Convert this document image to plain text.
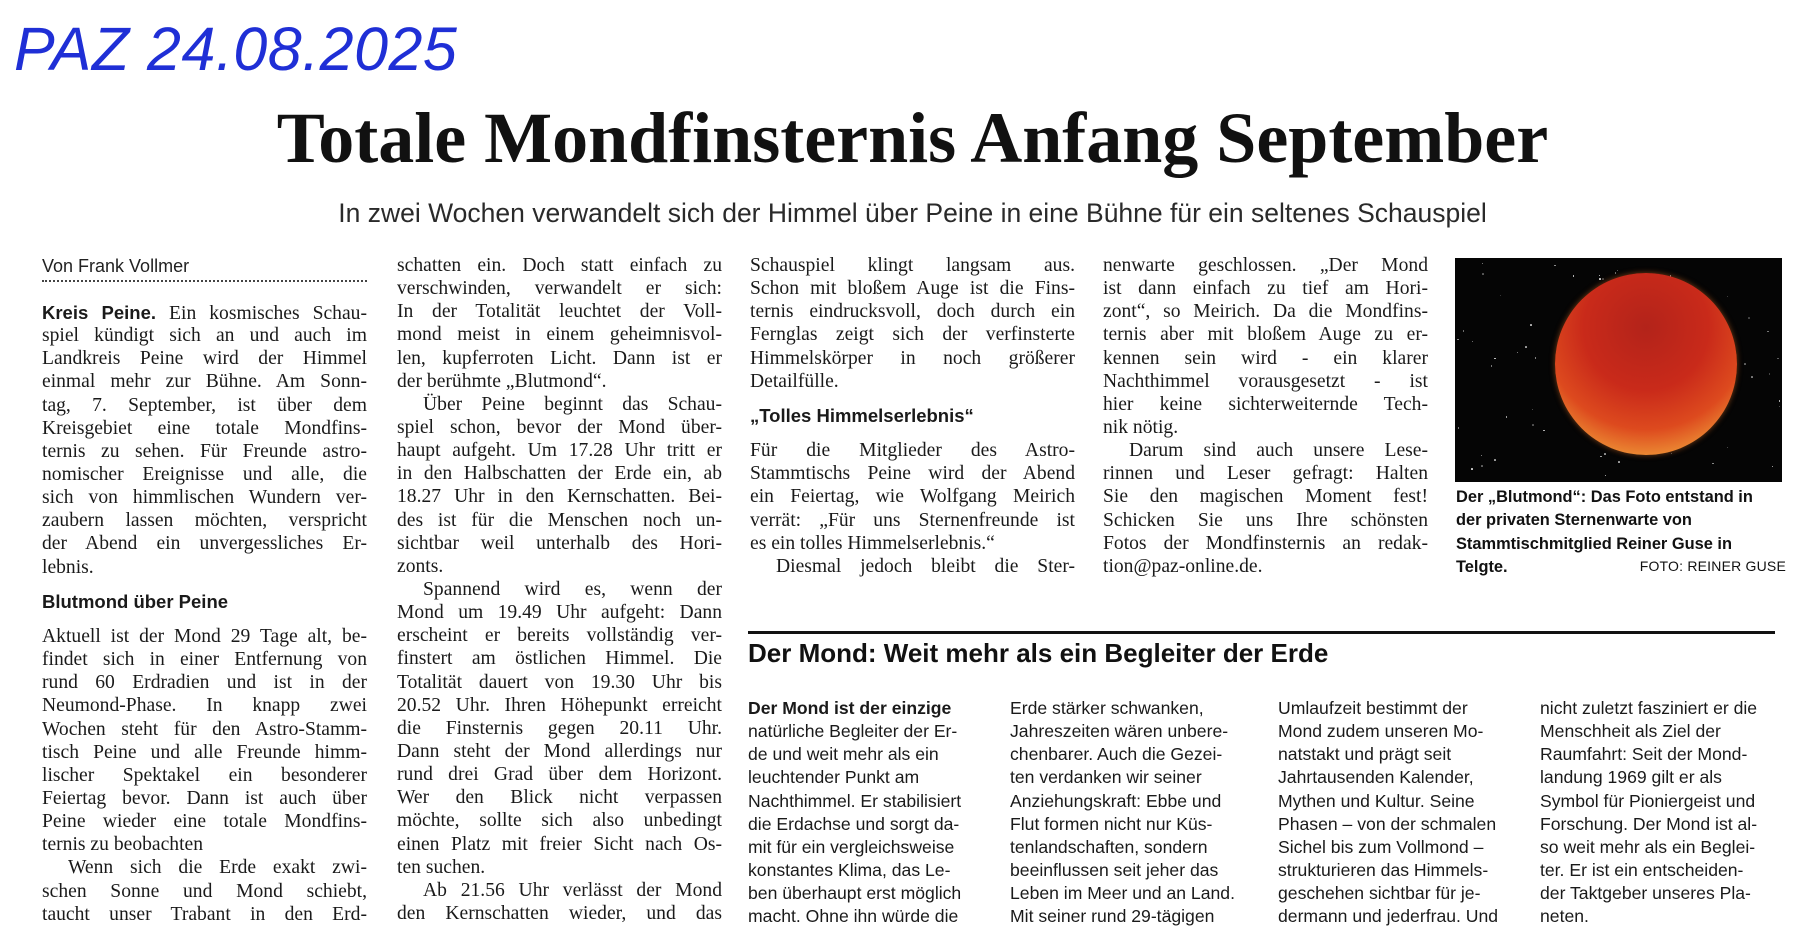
PAZ 24.08.2025
Totale Mondfinsternis Anfang September
In zwei Wochen verwandelt sich der Himmel über Peine in eine Bühne für ein seltenes Schauspiel
Von Frank Vollmer
Kreis Peine. Ein kosmisches Schau-
spiel kündigt sich an und auch im
Landkreis Peine wird der Himmel
einmal mehr zur Bühne. Am Sonn-
tag, 7. September, ist über dem
Kreisgebiet eine totale Mondfins-
ternis zu sehen. Für Freunde astro-
nomischer Ereignisse und alle, die
sich von himmlischen Wundern ver-
zaubern lassen möchten, verspricht
der Abend ein unvergessliches Er-
lebnis.
Blutmond über Peine
Aktuell ist der Mond 29 Tage alt, be-
findet sich in einer Entfernung von
rund 60 Erdradien und ist in der
Neumond-Phase. In knapp zwei
Wochen steht für den Astro-Stamm-
tisch Peine und alle Freunde himm-
lischer Spektakel ein besonderer
Feiertag bevor. Dann ist auch über
Peine wieder eine totale Mondfins-
ternis zu beobachten
Wenn sich die Erde exakt zwi-
schen Sonne und Mond schiebt,
taucht unser Trabant in den Erd-
schatten ein. Doch statt einfach zu
verschwinden, verwandelt er sich:
In der Totalität leuchtet der Voll-
mond meist in einem geheimnisvol-
len, kupferroten Licht. Dann ist er
der berühmte „Blutmond“.
Über Peine beginnt das Schau-
spiel schon, bevor der Mond über-
haupt aufgeht. Um 17.28 Uhr tritt er
in den Halbschatten der Erde ein, ab
18.27 Uhr in den Kernschatten. Bei-
des ist für die Menschen noch un-
sichtbar weil unterhalb des Hori-
zonts.
Spannend wird es, wenn der
Mond um 19.49 Uhr aufgeht: Dann
erscheint er bereits vollständig ver-
finstert am östlichen Himmel. Die
Totalität dauert von 19.30 Uhr bis
20.52 Uhr. Ihren Höhepunkt erreicht
die Finsternis gegen 20.11 Uhr.
Dann steht der Mond allerdings nur
rund drei Grad über dem Horizont.
Wer den Blick nicht verpassen
möchte, sollte sich also unbedingt
einen Platz mit freier Sicht nach Os-
ten suchen.
Ab 21.56 Uhr verlässt der Mond
den Kernschatten wieder, und das
Schauspiel klingt langsam aus.
Schon mit bloßem Auge ist die Fins-
ternis eindrucksvoll, doch durch ein
Fernglas zeigt sich der verfinsterte
Himmelskörper in noch größerer
Detailfülle.
„Tolles Himmelserlebnis“
Für die Mitglieder des Astro-
Stammtischs Peine wird der Abend
ein Feiertag, wie Wolfgang Meirich
verrät: „Für uns Sternenfreunde ist
es ein tolles Himmelserlebnis.“
Diesmal jedoch bleibt die Ster-
nenwarte geschlossen. „Der Mond
ist dann einfach zu tief am Hori-
zont“, so Meirich. Da die Mondfins-
ternis aber mit bloßem Auge zu er-
kennen sein wird - ein klarer
Nachthimmel vorausgesetzt - ist
hier keine sichterweiternde Tech-
nik nötig.
Darum sind auch unsere Lese-
rinnen und Leser gefragt: Halten
Sie den magischen Moment fest!
Schicken Sie uns Ihre schönsten
Fotos der Mondfinsternis an redak-
tion@paz-online.de.
Der „Blutmond“: Das Foto entstand in
der privaten Sternenwarte von
Stammtischmitglied Reiner Guse in
Telgte.	FOTO: REINER GUSE
Der Mond: Weit mehr als ein Begleiter der Erde
Der Mond ist der einzige
natürliche Begleiter der Er-
de und weit mehr als ein
leuchtender Punkt am
Nachthimmel. Er stabilisiert
die Erdachse und sorgt da-
mit für ein vergleichsweise
konstantes Klima, das Le-
ben überhaupt erst möglich
macht. Ohne ihn würde die
Erde stärker schwanken,
Jahreszeiten wären unbere-
chenbarer. Auch die Gezei-
ten verdanken wir seiner
Anziehungskraft: Ebbe und
Flut formen nicht nur Küs-
tenlandschaften, sondern
beeinflussen seit jeher das
Leben im Meer und an Land.
Mit seiner rund 29-tägigen
Umlaufzeit bestimmt der
Mond zudem unseren Mo-
natstakt und prägt seit
Jahrtausenden Kalender,
Mythen und Kultur. Seine
Phasen – von der schmalen
Sichel bis zum Vollmond –
strukturieren das Himmels-
geschehen sichtbar für je-
dermann und jederfrau. Und
nicht zuletzt fasziniert er die
Menschheit als Ziel der
Raumfahrt: Seit der Mond-
landung 1969 gilt er als
Symbol für Pioniergeist und
Forschung. Der Mond ist al-
so weit mehr als ein Beglei-
ter. Er ist ein entscheiden-
der Taktgeber unseres Pla-
neten.
